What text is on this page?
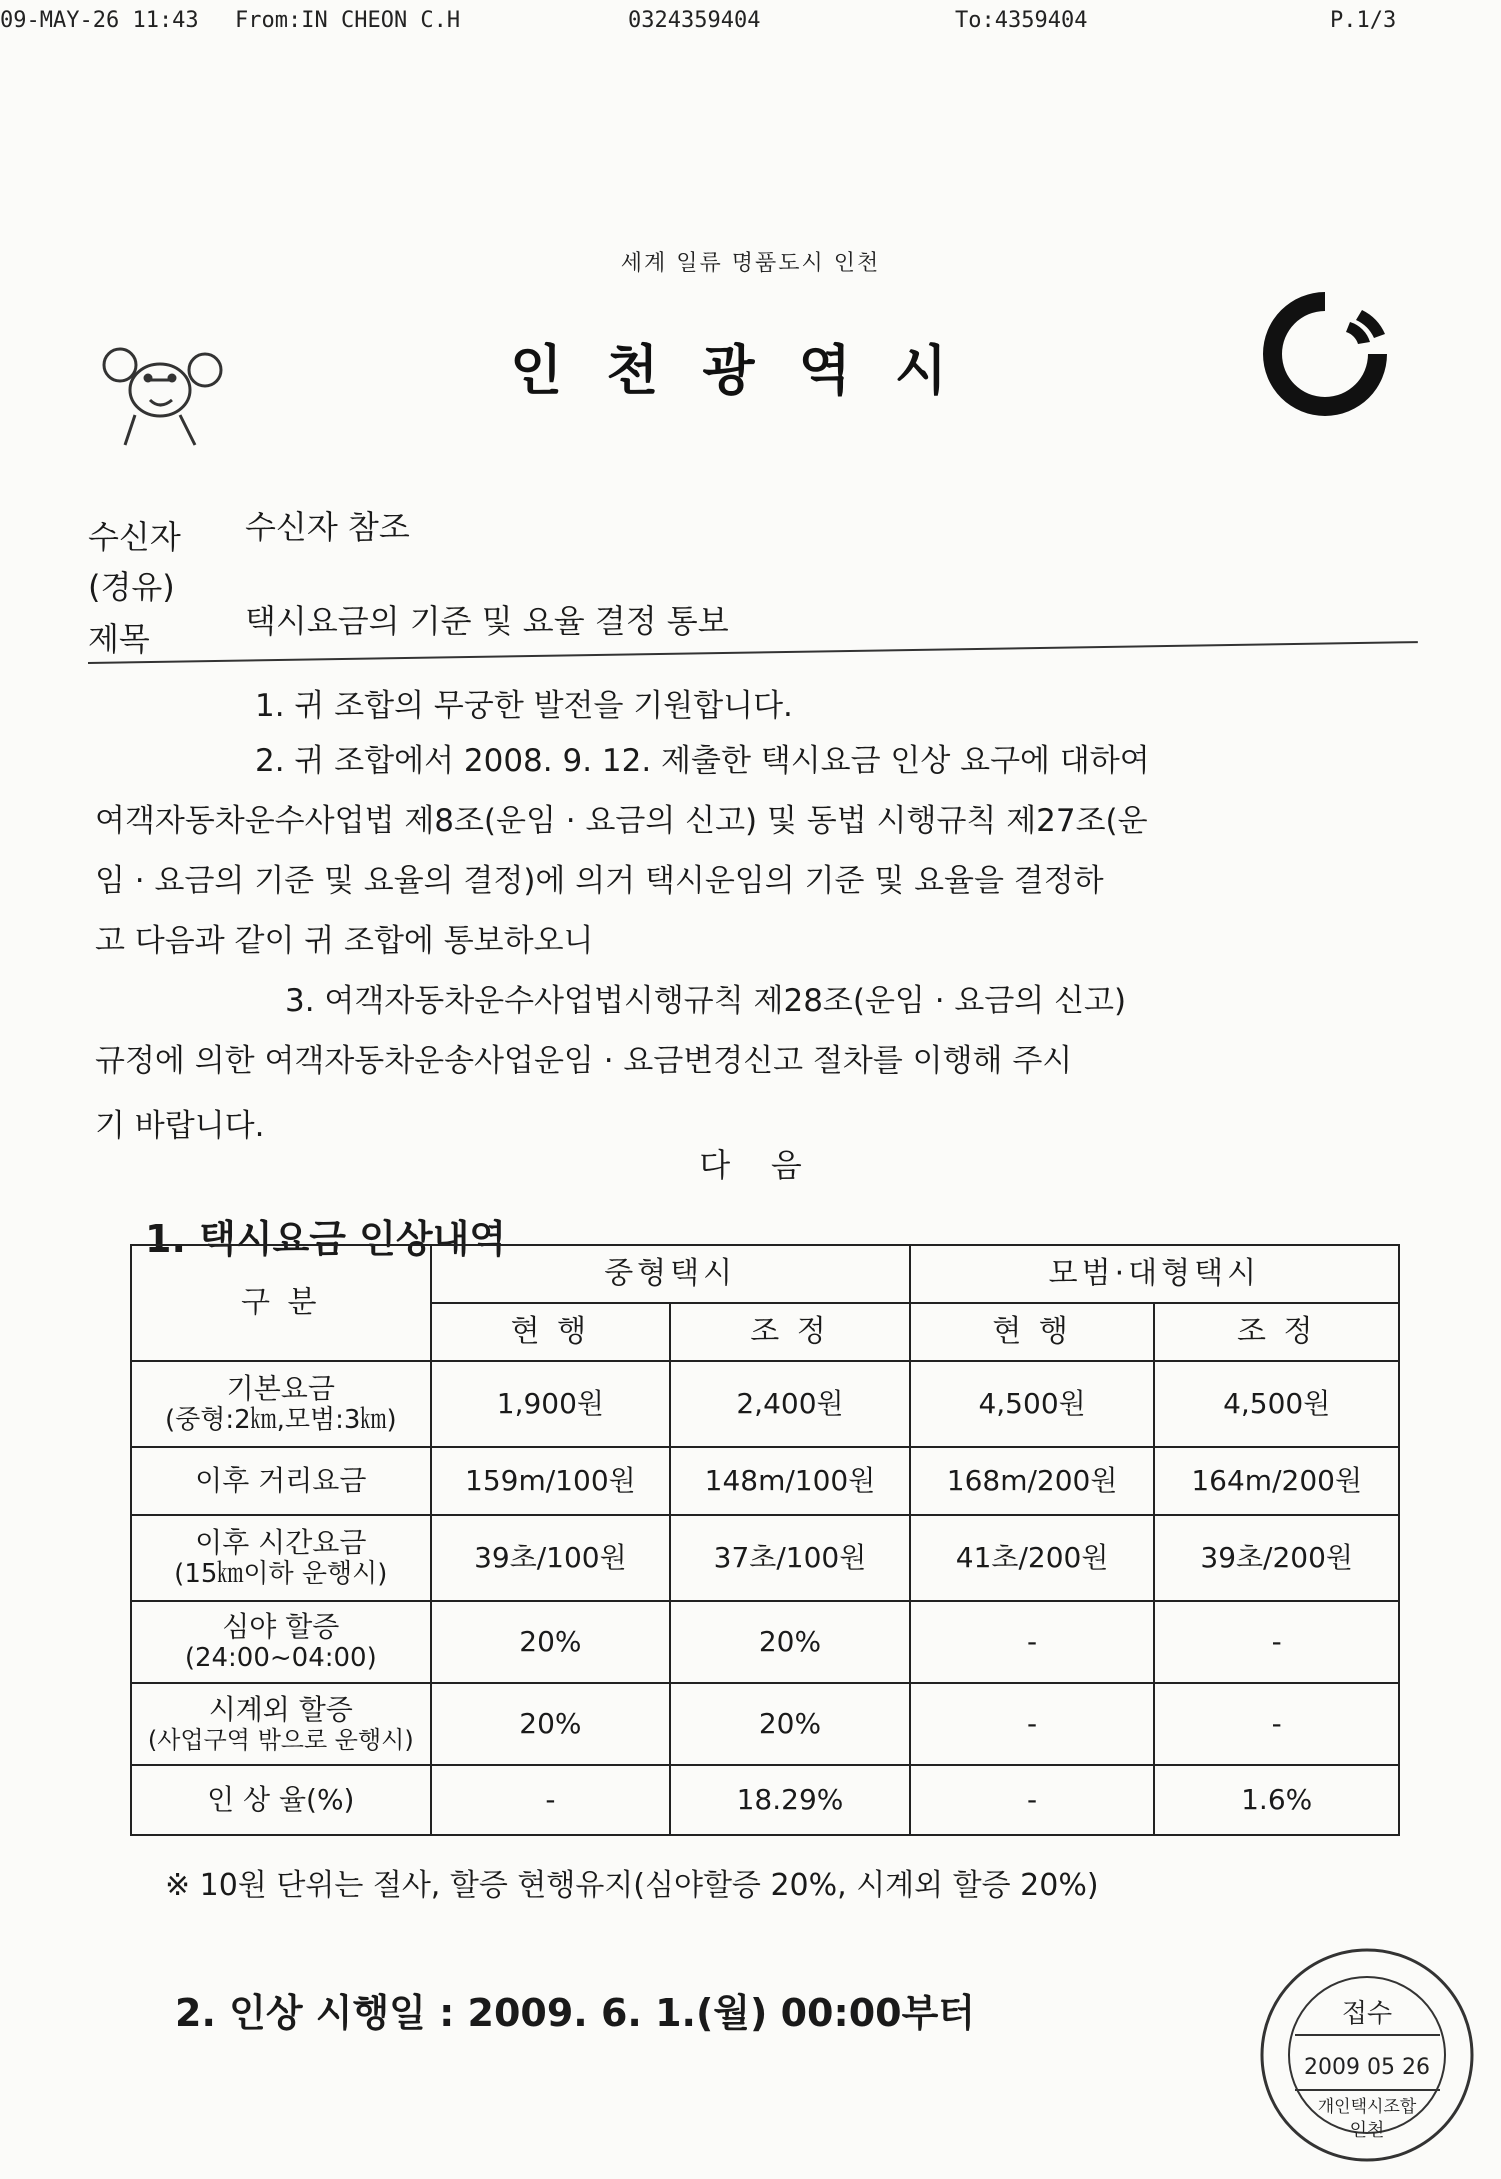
09-MAY-26 11:43 From:IN CHEON C.H	0324359404	To:4359404	P.1/3
세계 일류 명품도시 인천
인천광역시
수신자 수신자 참조
(경유)
제목	택시요금의 기준 및 요율 결정 통보
1. 귀 조합의 무궁한 발전을 기원합니다.
2. 귀 조합에서 2008. 9. 12. 제출한 택시요금 인상 요구에 대하여
여객자동차운수사업법 제8조(운임 · 요금의 신고) 및 동법 시행규칙 제27조(운
임 · 요금의 기준 및 요율의 결정)에 의거 택시운임의 기준 및 요율을 결정하
고 다음과 같이 귀 조합에 통보하오니
3. 여객자동차운수사업법시행규칙 제28조(운임 · 요금의 신고)
규정에 의한 여객자동차운송사업운임 · 요금변경신고 절차를 이행해 주시
기 바랍니다.
다    음
1. 택시요금 인상내역
구 분	중형택시		모범·대형택시	
	현 행	조 정	현 행	조 정

기본요금
(중형:2㎞,모범:3㎞)	1,900원	2,400원	4,500원	4,500원
이후 거리요금	159m/100원	148m/100원	168m/200원	164m/200원

이후 시간요금
(15㎞이하 운행시)	39초/100원	37초/100원	41초/200원	39초/200원

심야 할증
(24:00~04:00)	20%	20%	-	-

시계외 할증
(사업구역 밖으로 운행시)	20%	20%	-	-
인 상 율(%)	-	18.29%	-	1.6%
※ 10원 단위는 절사, 할증 현행유지(심야할증 20%, 시계외 할증 20%)
2. 인상 시행일 : 2009. 6. 1.(월) 00:00부터	접수
2009 05 26
개인택시조합
인천
